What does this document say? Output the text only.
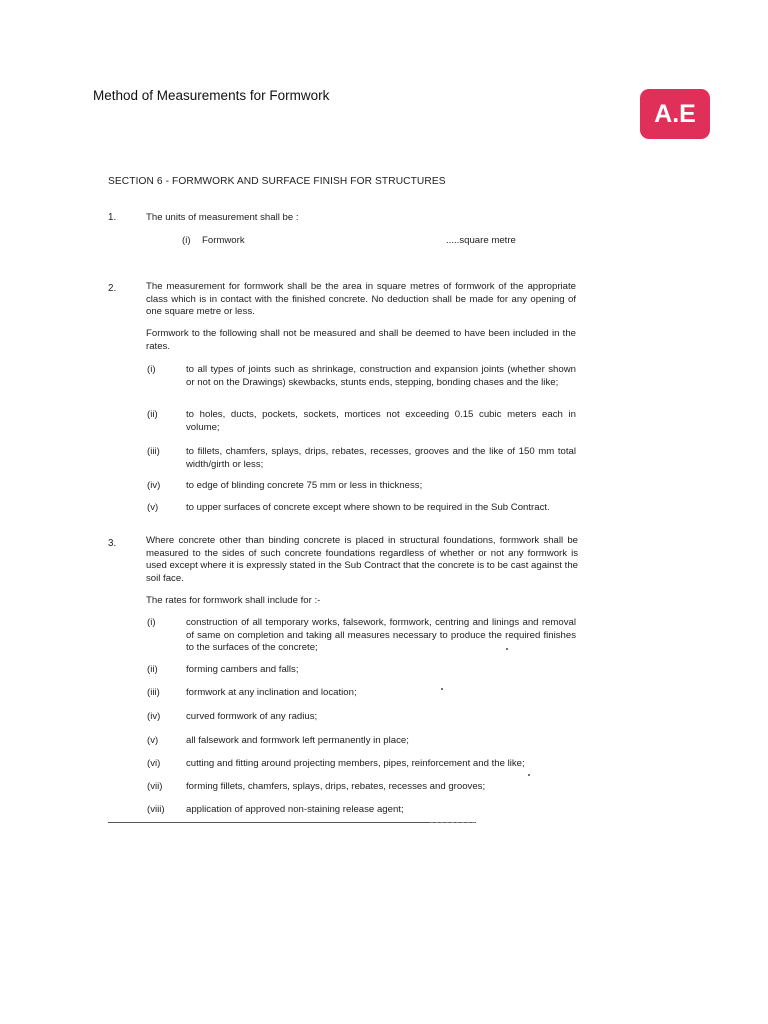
Method of Measurements for Formwork
A.E
SECTION 6 - FORMWORK AND SURFACE FINISH FOR STRUCTURES
1.	The units of measurement shall be :
(i) Formwork	.....square metre
2.	The measurement for formwork shall be the area in square metres of formwork of the appropriate class which is in contact with the finished concrete. No deduction shall be made for any opening of one square metre or less.
Formwork to the following shall not be measured and shall be deemed to have been included in the rates.
(i)	to all types of joints such as shrinkage, construction and expansion joints (whether shown or not on the Drawings) skewbacks, stunts ends, stepping, bonding chases and the like;
(ii)	to holes, ducts, pockets, sockets, mortices not exceeding 0.15 cubic meters each in volume;
(iii)	to fillets, chamfers, splays, drips, rebates, recesses, grooves and the like of 150 mm total width/girth or less;
(iv)	to edge of blinding concrete 75 mm or less in thickness;
(v)	to upper surfaces of concrete except where shown to be required in the Sub Contract.
3.	Where concrete other than binding concrete is placed in structural foundations, formwork shall be measured to the sides of such concrete foundations regardless of whether or not any formwork is used except where it is expressly stated in the Sub Contract that the concrete is to be cast against the soil face.
The rates for formwork shall include for :-
(i)	construction of all temporary works, falsework, formwork, centring and linings and removal of same on completion and taking all measures necessary to produce the required finishes to the surfaces of the concrete;
(ii)	forming cambers and falls;
(iii)	formwork at any inclination and location;
(iv)	curved formwork of any radius;
(v)	all falsework and formwork left permanently in place;
(vi)	cutting and fitting around projecting members, pipes, reinforcement and the like;
(vii) forming fillets, chamfers, splays, drips, rebates, recesses and grooves;
(viii) application of approved non-staining release agent;
